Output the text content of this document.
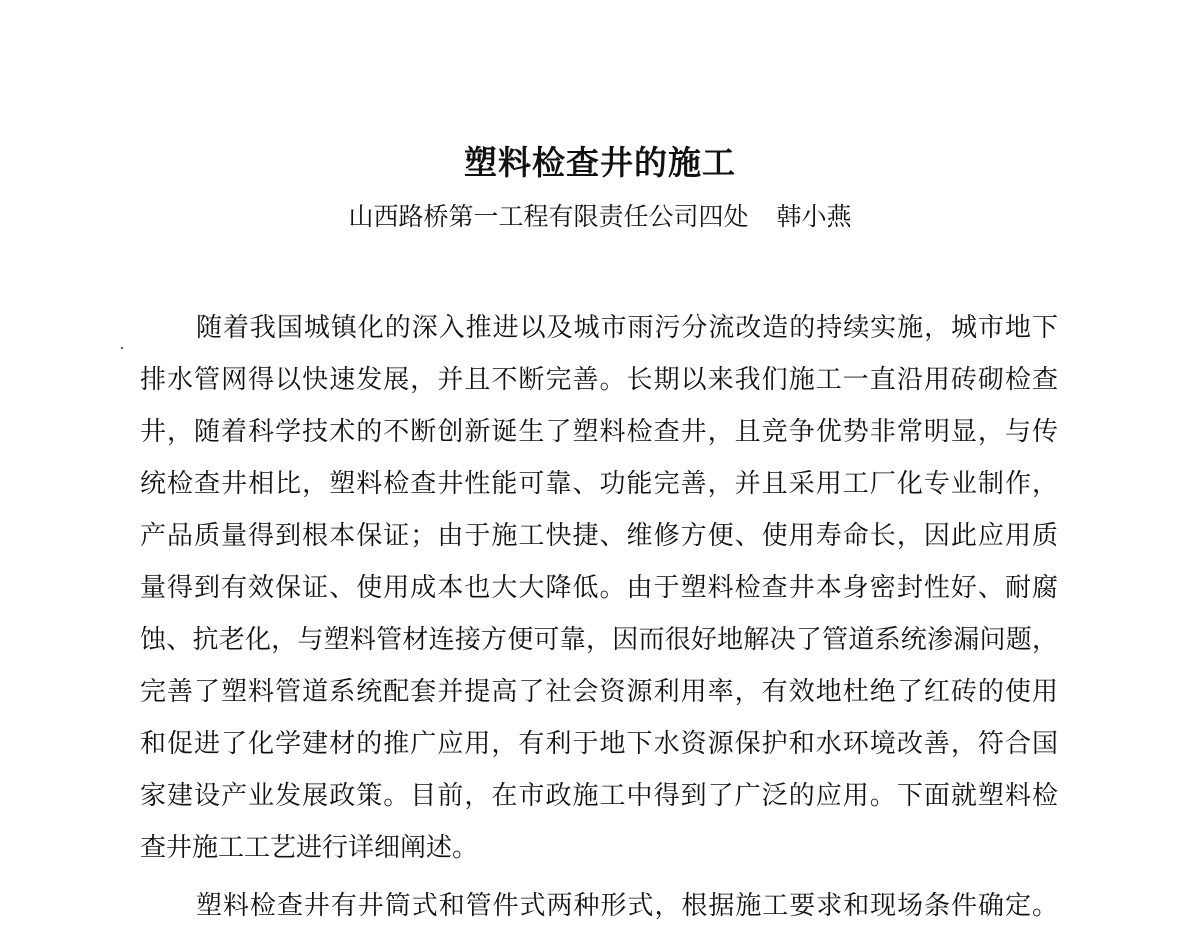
塑料检查井的施工
山西路桥第一工程有限责任公司四处 韩小燕
随着我国城镇化的深入推进以及城市雨污分流改造的持续实施，城市地下
排水管网得以快速发展，并且不断完善。长期以来我们施工一直沿用砖砌检查
井，随着科学技术的不断创新诞生了塑料检查井，且竞争优势非常明显，与传
统检查井相比，塑料检查井性能可靠、功能完善，并且采用工厂化专业制作，
产品质量得到根本保证；由于施工快捷、维修方便、使用寿命长，因此应用质
量得到有效保证、使用成本也大大降低。由于塑料检查井本身密封性好、耐腐
蚀、抗老化，与塑料管材连接方便可靠，因而很好地解决了管道系统渗漏问题，
完善了塑料管道系统配套并提高了社会资源利用率，有效地杜绝了红砖的使用
和促进了化学建材的推广应用，有利于地下水资源保护和水环境改善，符合国
家建设产业发展政策。目前，在市政施工中得到了广泛的应用。下面就塑料检
查井施工工艺进行详细阐述。
塑料检查井有井筒式和管件式两种形式，根据施工要求和现场条件确定。
